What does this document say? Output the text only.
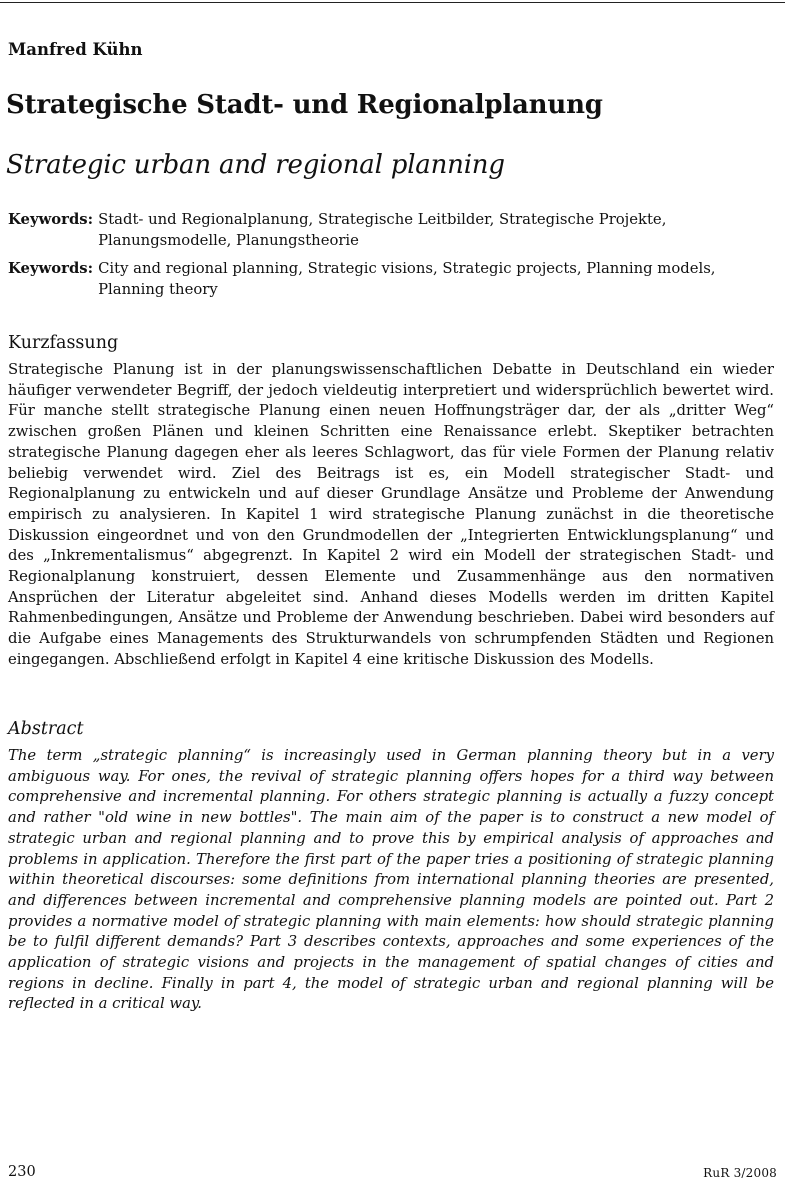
Manfred Kühn
Strategische Stadt- und Regionalplanung
Strategic urban and regional planning
Keywords: Stadt- und Regionalplanung, Strategische Leitbilder, Strategische Projekte, Planungsmodelle, Planungstheorie
Keywords: City and regional planning, Strategic visions, Strategic projects, Planning models, Planning theory
Kurzfassung
Strategische Planung ist in der planungswissenschaftlichen Debatte in Deutschland ein wieder häufiger verwendeter Begriff, der jedoch vieldeutig interpretiert und widersprüchlich bewertet wird. Für manche stellt strategische Planung einen neuen Hoffnungsträger dar, der als „dritter Weg“ zwischen großen Plänen und kleinen Schritten eine Renaissance erlebt. Skeptiker betrachten strategische Planung dagegen eher als leeres Schlagwort, das für viele Formen der Planung relativ beliebig verwendet wird. Ziel des Beitrags ist es, ein Modell strategischer Stadt- und Regionalplanung zu entwickeln und auf dieser Grundlage Ansätze und Probleme der Anwendung empirisch zu analysieren. In Kapitel 1 wird strategische Planung zunächst in die theoretische Diskussion eingeordnet und von den Grundmodellen der „Integrierten Entwicklungsplanung“ und des „Inkrementalismus“ abgegrenzt. In Kapitel 2 wird ein Modell der strategischen Stadt- und Regionalplanung konstruiert, dessen Elemente und Zusammenhänge aus den normativen Ansprüchen der Literatur abgeleitet sind. Anhand dieses Modells werden im dritten Kapitel Rahmenbedingungen, Ansätze und Probleme der Anwendung beschrieben. Dabei wird besonders auf die Aufgabe eines Managements des Strukturwandels von schrumpfenden Städten und Regionen eingegangen. Abschließend erfolgt in Kapitel 4 eine kritische Diskussion des Modells.
Abstract
The term „strategic planning“ is increasingly used in German planning theory but in a very ambiguous way. For ones, the revival of strategic planning offers hopes for a third way between comprehensive and incremental planning. For others strategic planning is actually a fuzzy concept and rather "old wine in new bottles". The main aim of the paper is to construct a new model of strategic urban and regional planning and to prove this by empirical analysis of approaches and problems in application. Therefore the first part of the paper tries a positioning of strategic planning within theoretical discourses: some definitions from international planning theories are presented, and differences between incremental and comprehensive planning models are pointed out. Part 2 provides a normative model of strategic planning with main elements: how should strategic planning be to fulfil different demands? Part 3 describes contexts, approaches and some experiences of the application of strategic visions and projects in the management of spatial changes of cities and regions in decline. Finally in part 4, the model of strategic urban and regional planning will be reflected in a critical way.
230	RuR 3/2008
